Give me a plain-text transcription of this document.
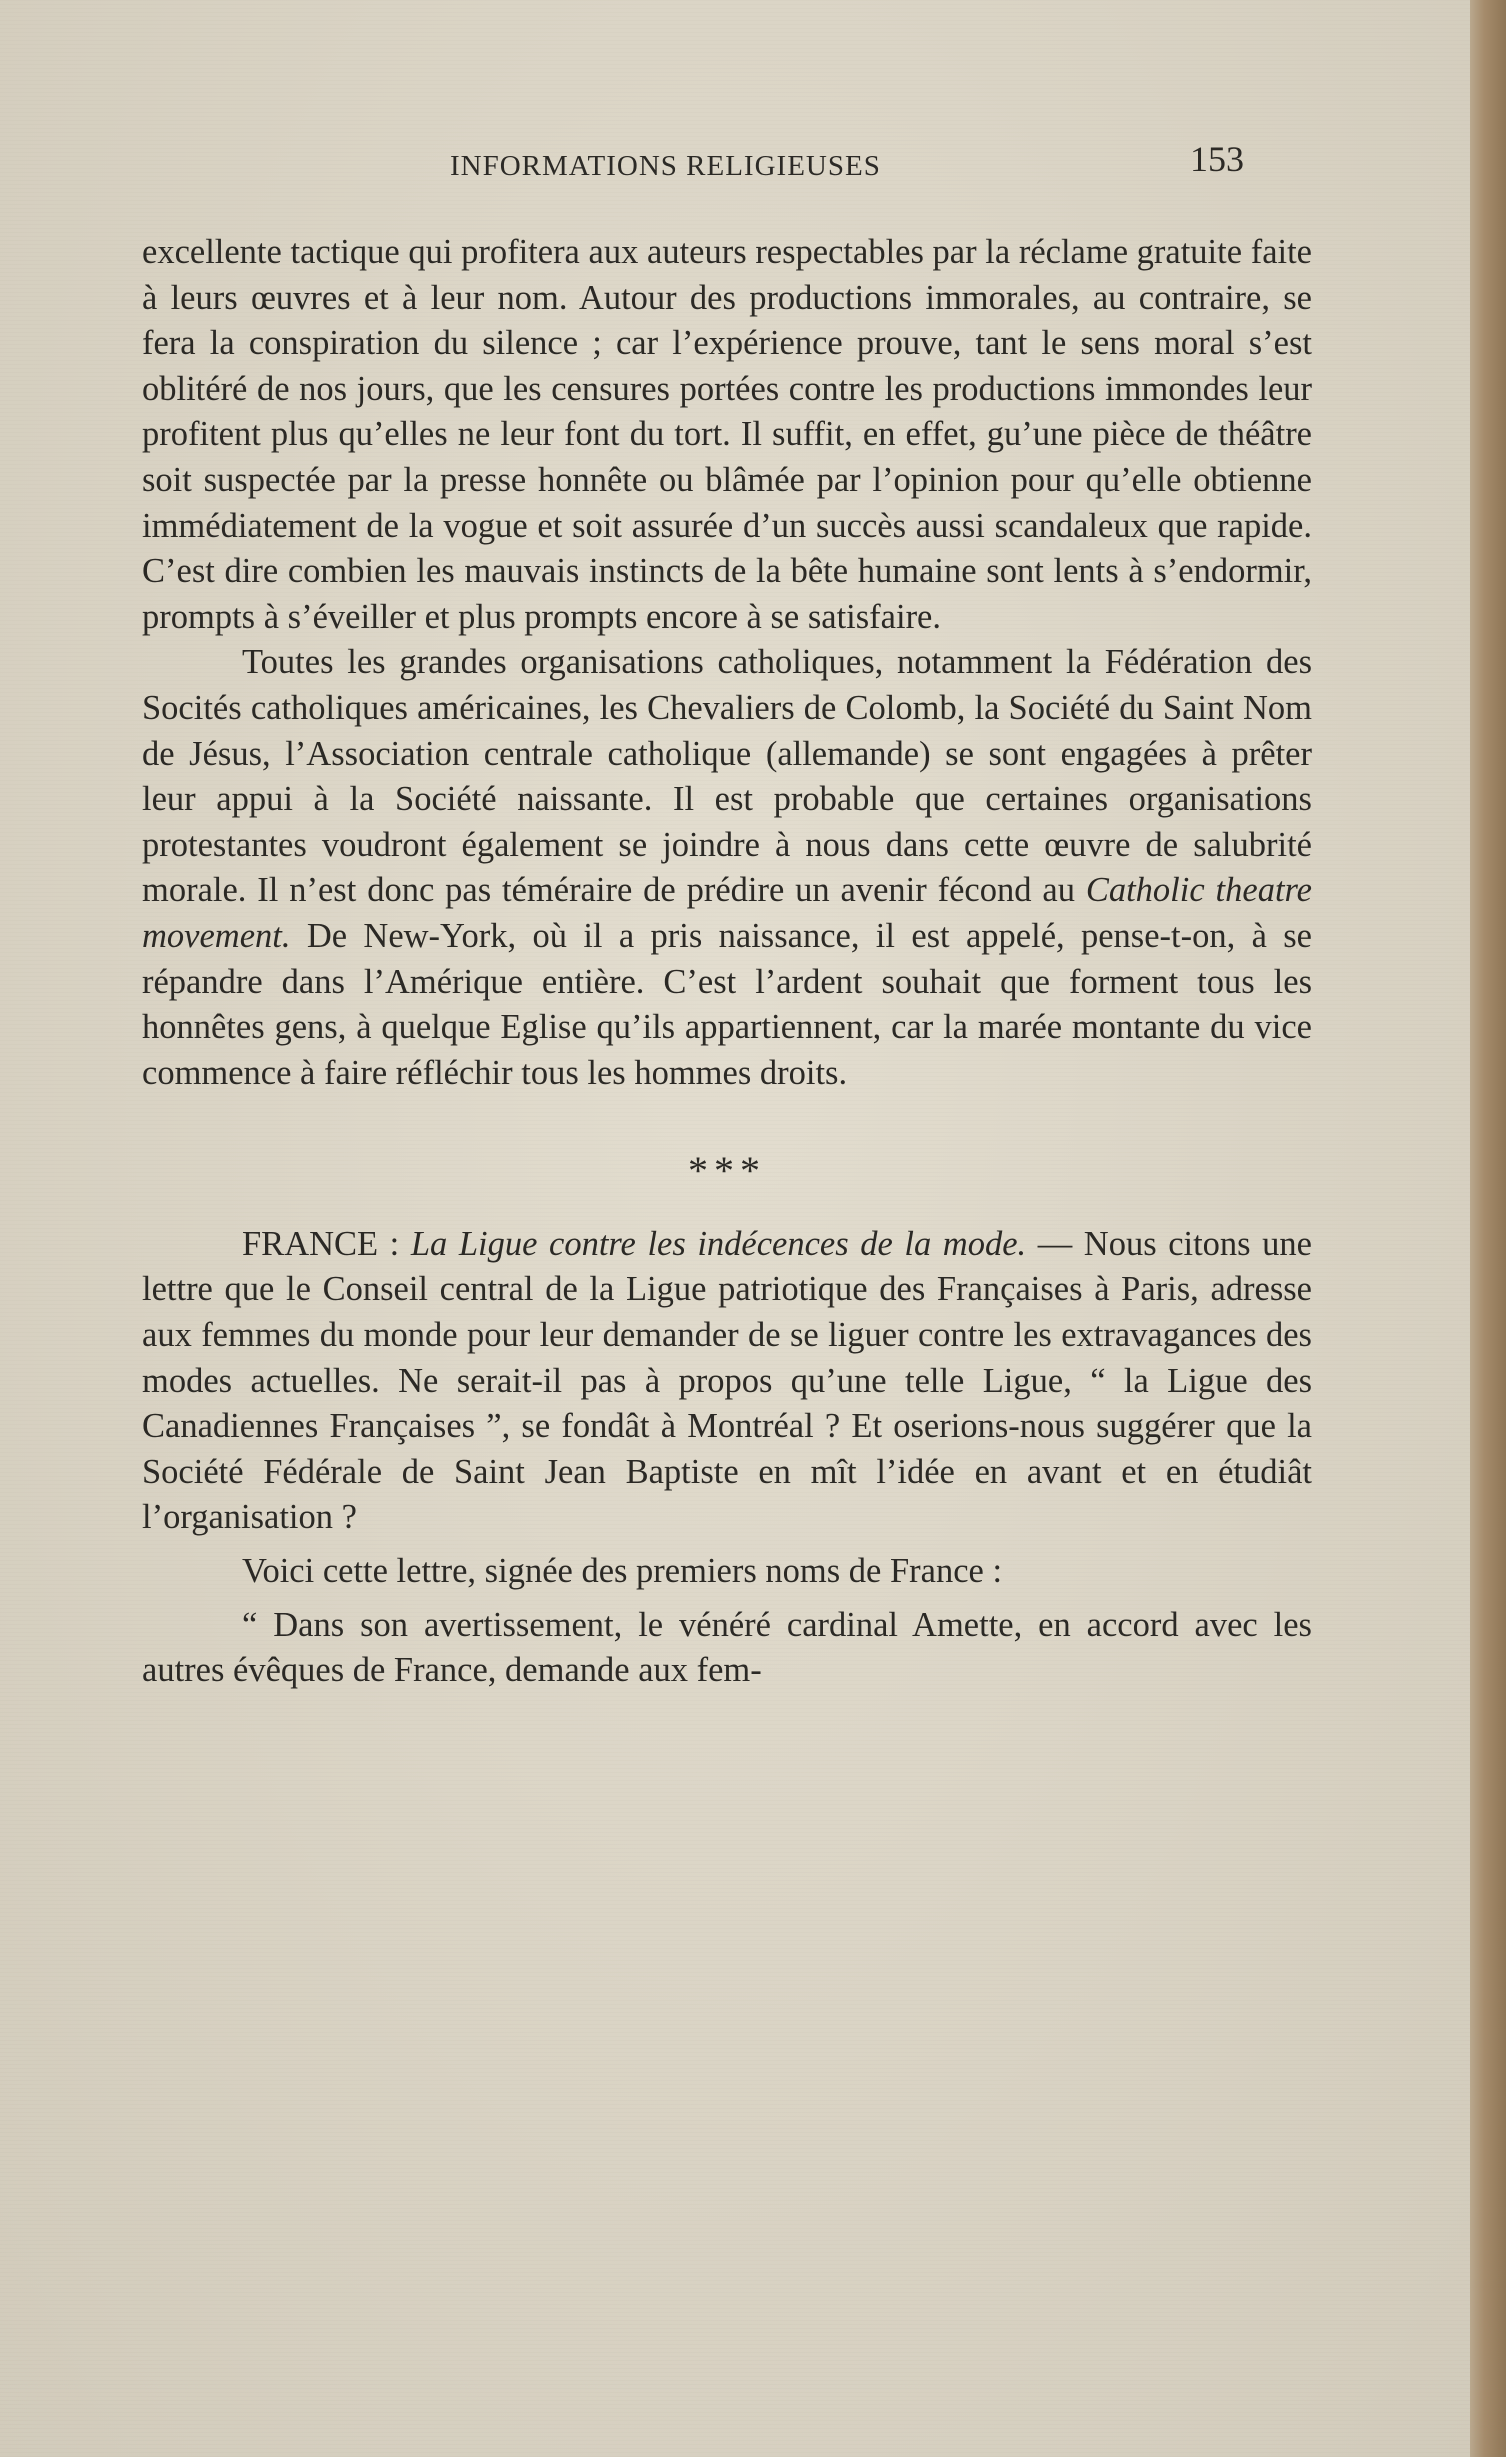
INFORMATIONS RELIGIEUSES	153

excellente tactique qui profitera aux auteurs respectables par la réclame gratuite faite à leurs œuvres et à leur nom. Autour des productions immorales, au contraire, se fera la conspiration du silence ; car l’expérience prouve, tant le sens moral s’est oblitéré de nos jours, que les censures portées contre les productions immondes leur profitent plus qu’elles ne leur font du tort. Il suffit, en effet, gu’une pièce de théâtre soit suspectée par la presse honnête ou blâmée par l’opinion pour qu’elle obtienne immédiatement de la vogue et soit assurée d’un succès aussi scandaleux que rapide. C’est dire combien les mauvais instincts de la bête humaine sont lents à s’endormir, prompts à s’éveiller et plus prompts encore à se satisfaire.

Toutes les grandes organisations catholiques, notamment la Fédération des Socités catholiques américaines, les Chevaliers de Colomb, la Société du Saint Nom de Jésus, l’Association centrale catholique (allemande) se sont engagées à prêter leur appui à la Société naissante. Il est probable que certaines organisations protestantes voudront également se joindre à nous dans cette œuvre de salubrité morale. Il n’est donc pas téméraire de prédire un avenir fécond au Catholic theatre movement. De New-York, où il a pris naissance, il est appelé, pense-t-on, à se répandre dans l’Amérique entière. C’est l’ardent souhait que forment tous les honnêtes gens, à quelque Eglise qu’ils appartiennent, car la marée montante du vice commence à faire réfléchir tous les hommes droits.

***

FRANCE : La Ligue contre les indécences de la mode. — Nous citons une lettre que le Conseil central de la Ligue patriotique des Françaises à Paris, adresse aux femmes du monde pour leur demander de se liguer contre les extravagances des modes actuelles. Ne serait-il pas à propos qu’une telle Ligue, “ la Ligue des Canadiennes Françaises ”, se fondât à Montréal ? Et oserions-nous suggérer que la Société Fédérale de Saint Jean Baptiste en mît l’idée en avant et en étudiât l’organisation ?

Voici cette lettre, signée des premiers noms de France :

“ Dans son avertissement, le vénéré cardinal Amette, en accord avec les autres évêques de France, demande aux fem-
